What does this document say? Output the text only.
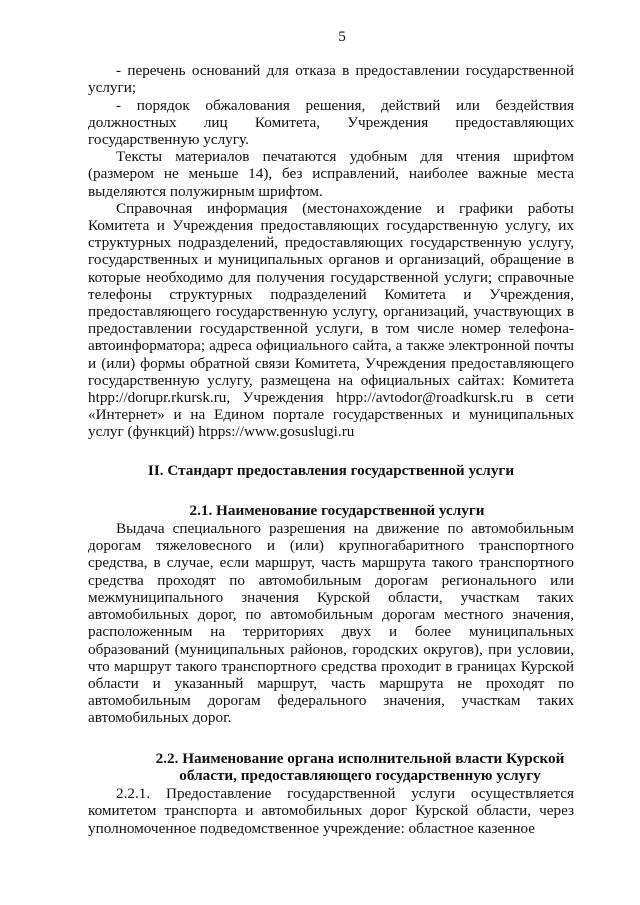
5

- перечень оснований для отказа в предоставлении государственной услуги;

- порядок обжалования решения, действий или бездействия должностных лиц Комитета, Учреждения предоставляющих государственную услугу.

Тексты материалов печатаются удобным для чтения шрифтом (размером не меньше 14), без исправлений, наиболее важные места выделяются полужирным шрифтом.

Справочная информация (местонахождение и графики работы Комитета и Учреждения предоставляющих государственную услугу, их структурных подразделений, предоставляющих государственную услугу, государственных и муниципальных органов и организаций, обращение в которые необходимо для получения государственной услуги; справочные телефоны структурных подразделений Комитета и Учреждения, предоставляющего государственную услугу, организаций, участвующих в предоставлении государственной услуги, в том числе номер телефона-автоинформатора; адреса официального сайта, а также электронной почты и (или) формы обратной связи Комитета, Учреждения предоставляющего государственную услугу, размещена на официальных сайтах: Комитета htpp://dorupr.rkursk.ru, Учреждения htpp://avtodor@roadkursk.ru в сети «Интернет» и на Едином портале государственных и муниципальных услуг (функций) htpps://www.gosuslugi.ru

II. Стандарт предоставления государственной услуги
2.1. Наименование государственной услуги

Выдача специального разрешения на движение по автомобильным дорогам тяжеловесного и (или) крупногабаритного транспортного средства, в случае, если маршрут, часть маршрута такого транспортного средства проходят по автомобильным дорогам регионального или межмуниципального значения Курской области, участкам таких автомобильных дорог, по автомобильным дорогам местного значения, расположенным на территориях двух и более муниципальных образований (муниципальных районов, городских округов), при условии, что маршрут такого транспортного средства проходит в границах Курской области и указанный маршрут, часть маршрута не проходят по автомобильным дорогам федерального значения, участкам таких автомобильных дорог.

2.2. Наименование органа исполнительной власти Курской области, предоставляющего государственную услугу

2.2.1. Предоставление государственной услуги осуществляется комитетом транспорта и автомобильных дорог Курской области, через уполномоченное подведомственное учреждение: областное казенное
